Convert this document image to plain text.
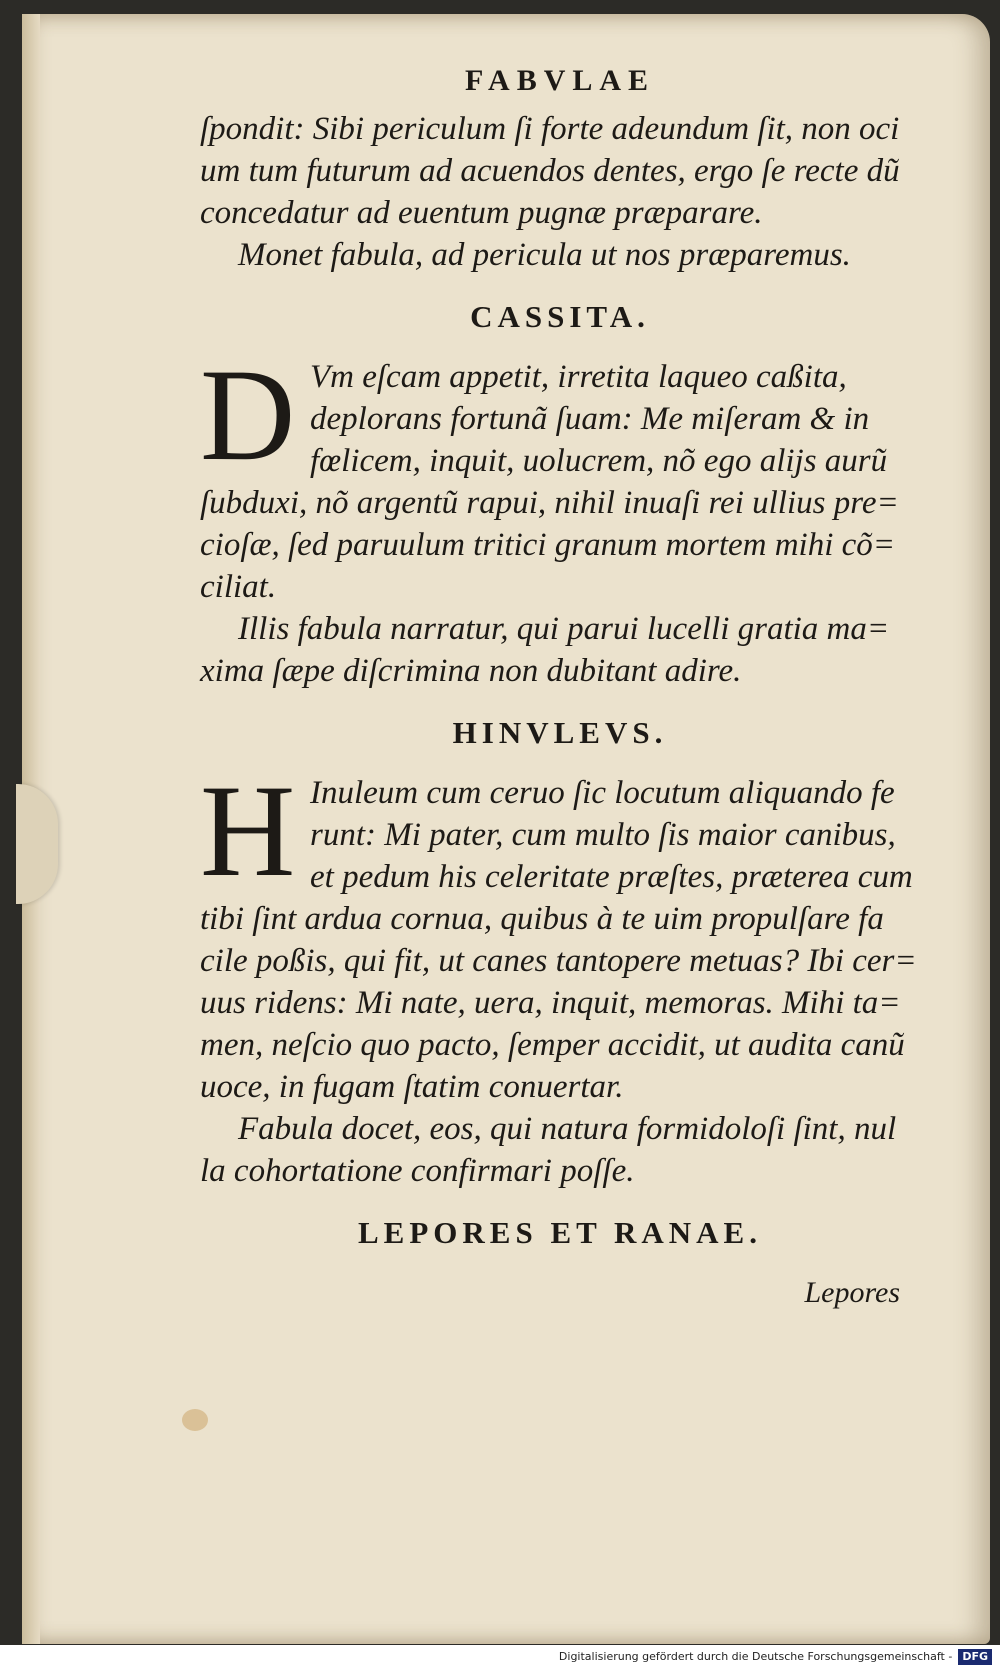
FABVLAE
ſpondit: Sibi periculum ſi forte adeundum ſit, non oci
um tum futurum ad acuendos dentes, ergo ſe recte dũ
concedatur ad euentum pugnæ præparare.
Monet fabula, ad pericula ut nos præparemus.
CASSITA.
D Vm eſcam appetit, irretita laqueo caßita,
deplorans fortunã ſuam: Me miſeram & in
fœlicem, inquit, uolucrem, nõ ego alijs aurũ
ſubduxi, nõ argentũ rapui, nihil inuaſi rei ullius pre=
cioſæ, ſed paruulum tritici granum mortem mihi cõ=
ciliat.
Illis fabula narratur, qui parui lucelli gratia ma=
xima ſæpe diſcrimina non dubitant adire.
HINVLEVS.
H Inuleum cum ceruo ſic locutum aliquando fe
runt: Mi pater, cum multo ſis maior canibus,
et pedum his celeritate præſtes, præterea cum
tibi ſint ardua cornua, quibus à te uim propulſare fa
cile poßis, qui fit, ut canes tantopere metuas? Ibi cer=
uus ridens: Mi nate, uera, inquit, memoras. Mihi ta=
men, neſcio quo pacto, ſemper accidit, ut audita canũ
uoce, in fugam ſtatim conuertar.
Fabula docet, eos, qui natura formidoloſi ſint, nul
la cohortatione confirmari poſſe.
LEPORES ET RANAE.
Lepores
Digitalisierung gefördert durch die Deutsche Forschungsgemeinschaft - DFG
